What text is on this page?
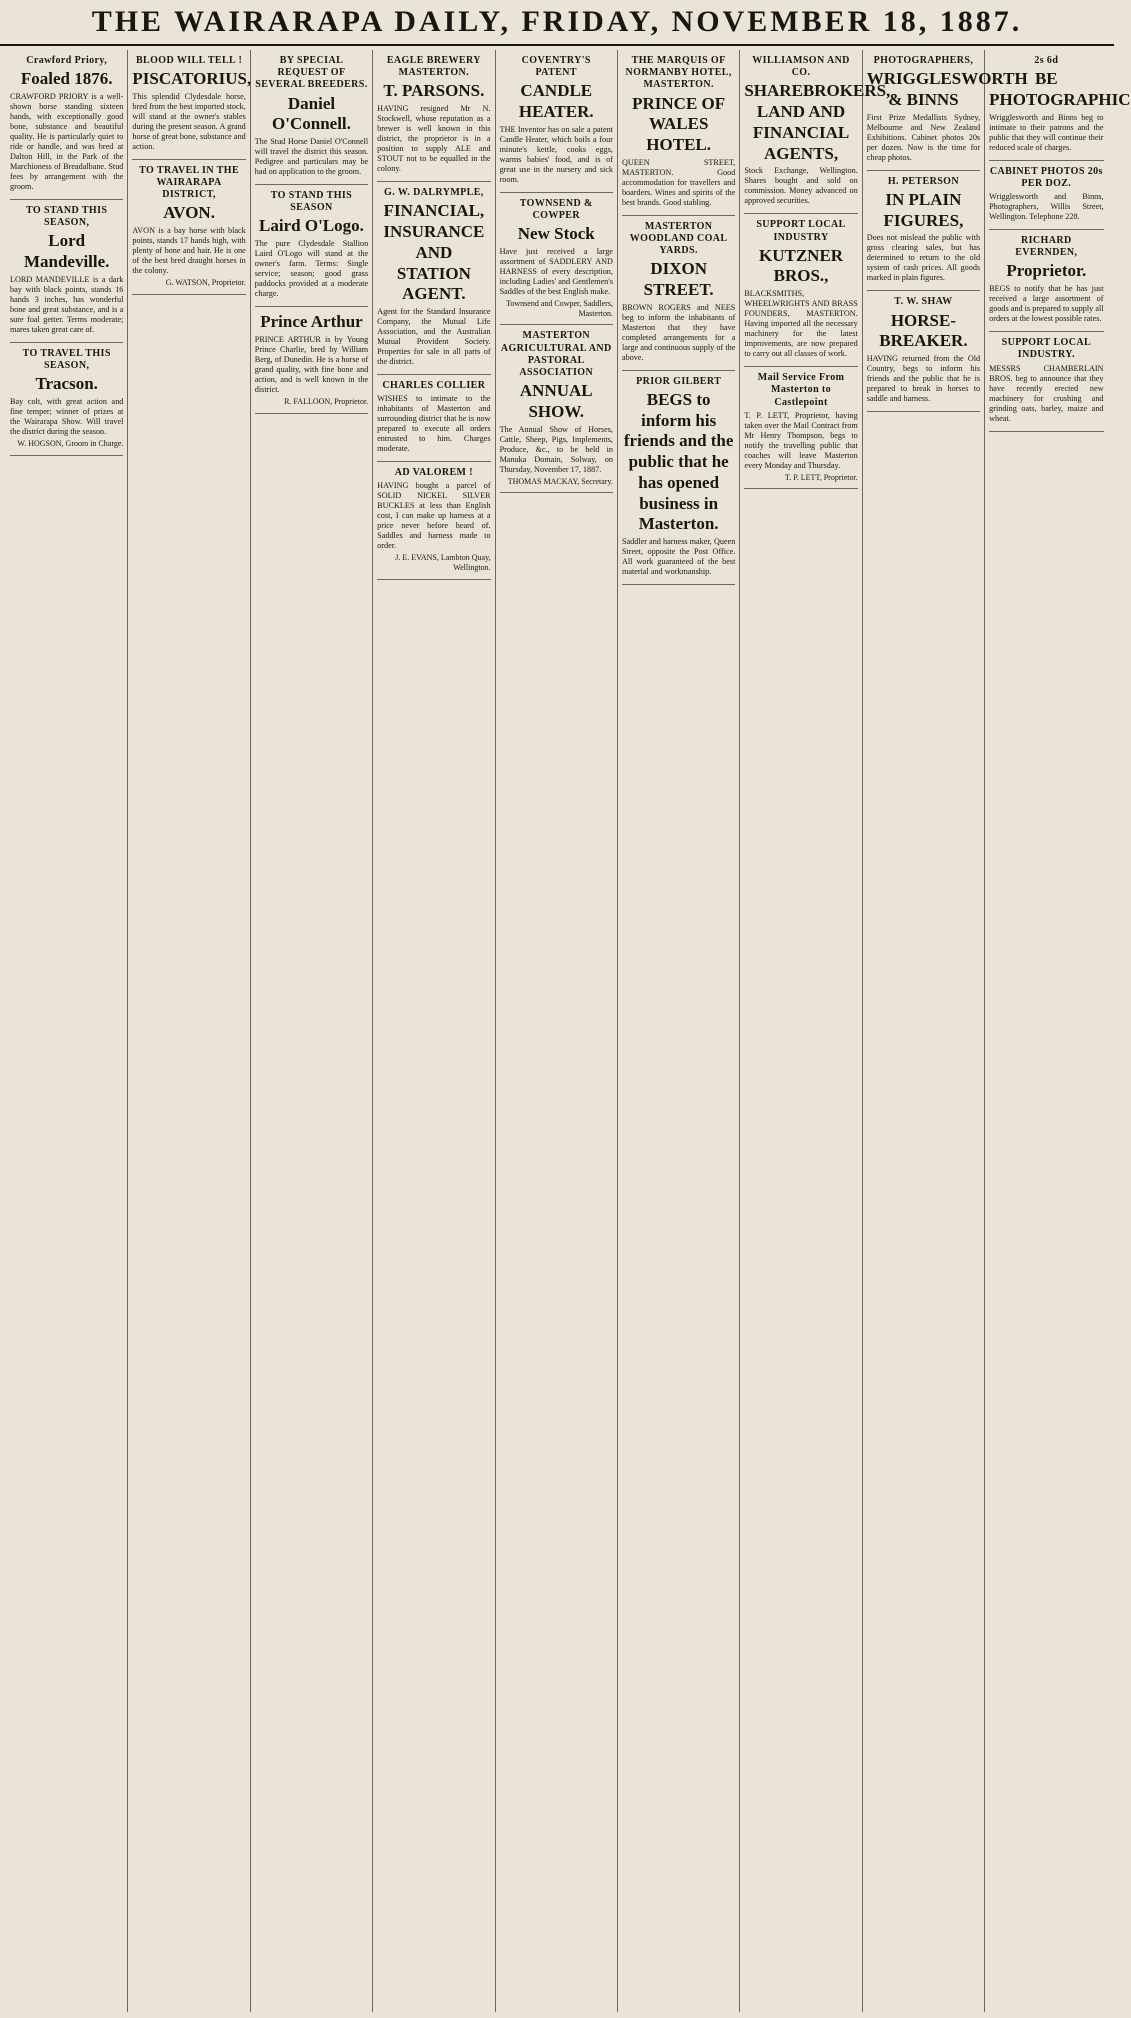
THE WAIRARAPA DAILY, FRIDAY, NOVEMBER 18, 1887.
Crawford Priory,
Foaled 1876.
CRAWFORD PRIORY is a well-shown horse standing sixteen hands, with exceptionally good bone, substance and beautiful quality. He is particularly quiet to ride or handle, and was bred at Dalton Hill, in the Park of the Marchioness of Breadalbane. Stud fees by arrangement with the groom.
TO STAND THIS SEASON,
Lord Mandeville.
LORD MANDEVILLE is a dark bay with black points, stands 16 hands 3 inches, has wonderful bone and great substance, and is a sure foal getter. Terms moderate; mares taken great care of.
TO TRAVEL THIS SEASON,
Tracson.
Bay colt, with great action and fine temper; winner of prizes at the Wairarapa Show. Will travel the district during the season.
W. HOGSON, Groom in Charge.
BLOOD WILL TELL !
PISCATORIUS,
This splendid Clydesdale horse, bred from the best imported stock, will stand at the owner's stables during the present season. A grand horse of great bone, substance and action.
TO TRAVEL IN THE WAIRARAPA DISTRICT,
AVON.
AVON is a bay horse with black points, stands 17 hands high, with plenty of bone and hair. He is one of the best bred draught horses in the colony.
G. WATSON, Proprietor.
BY SPECIAL REQUEST OF SEVERAL BREEDERS.
Daniel O'Connell.
The Stud Horse Daniel O'Connell will travel the district this season. Pedigree and particulars may be had on application to the groom.
TO STAND THIS SEASON
Laird O'Logo.
The pure Clydesdale Stallion Laird O'Logo will stand at the owner's farm. Terms: Single service; season; good grass paddocks provided at a moderate charge.
Prince Arthur
PRINCE ARTHUR is by Young Prince Charlie, bred by William Berg, of Dunedin. He is a horse of grand quality, with fine bone and action, and is well known in the district.
R. FALLOON, Proprietor.
EAGLE BREWERY MASTERTON.
T. PARSONS.
HAVING resigned Mr N. Stockwell, whose reputation as a brewer is well known in this district, the proprietor is in a position to supply ALE and STOUT not to be equalled in the colony.
G. W. DALRYMPLE,
FINANCIAL, INSURANCE AND STATION AGENT.
Agent for the Standard Insurance Company, the Mutual Life Association, and the Australian Mutual Provident Society. Properties for sale in all parts of the district.
CHARLES COLLIER
WISHES to intimate to the inhabitants of Masterton and surrounding district that he is now prepared to execute all orders entrusted to him. Charges moderate.
AD VALOREM !
HAVING bought a parcel of SOLID NICKEL SILVER BUCKLES at less than English cost, I can make up harness at a price never before heard of. Saddles and harness made to order.
J. E. EVANS, Lambton Quay, Wellington.
COVENTRY'S PATENT
CANDLE HEATER.
THE Inventor has on sale a patent Candle Heater, which boils a four minute's kettle, cooks eggs, warms babies' food, and is of great use in the nursery and sick room.
TOWNSEND & COWPER
New Stock
Have just received a large assortment of SADDLERY AND HARNESS of every description, including Ladies' and Gentlemen's Saddles of the best English make.
Townsend and Cowper, Saddlers, Masterton.
MASTERTON AGRICULTURAL AND PASTORAL ASSOCIATION
ANNUAL SHOW.
The Annual Show of Horses, Cattle, Sheep, Pigs, Implements, Produce, &c., to be held in Manuka Domain, Solway, on Thursday, November 17, 1887.
THOMAS MACKAY, Secretary.
THE MARQUIS OF NORMANBY HOTEL, MASTERTON.
PRINCE OF WALES HOTEL.
QUEEN STREET, MASTERTON. Good accommodation for travellers and boarders. Wines and spirits of the best brands. Good stabling.
MASTERTON WOODLAND COAL YARDS.
DIXON STREET.
BROWN ROGERS and NEES beg to inform the inhabitants of Masterton that they have completed arrangements for a large and continuous supply of the above.
PRIOR GILBERT
BEGS to inform his friends and the public that he has opened business in Masterton.
Saddler and harness maker, Queen Street, opposite the Post Office. All work guaranteed of the best material and workmanship.
WILLIAMSON AND CO.
SHAREBROKERS, LAND AND FINANCIAL AGENTS,
Stock Exchange, Wellington. Shares bought and sold on commission. Money advanced on approved securities.
SUPPORT LOCAL INDUSTRY
KUTZNER BROS.,
BLACKSMITHS, WHEELWRIGHTS AND BRASS FOUNDERS, MASTERTON. Having imported all the necessary machinery for the latest improvements, are now prepared to carry out all classes of work.
Mail Service From Masterton to Castlepoint
T. P. LETT, Proprietor, having taken over the Mail Contract from Mr Henry Thompson, begs to notify the travelling public that coaches will leave Masterton every Monday and Thursday.
T. P. LETT, Proprietor.
PHOTOGRAPHERS,
WRIGGLESWORTH & BINNS
First Prize Medallists Sydney, Melbourne and New Zealand Exhibitions. Cabinet photos 20s per dozen. Now is the time for cheap photos.
H. PETERSON
IN PLAIN FIGURES,
Does not mislead the public with gross clearing sales, but has determined to return to the old system of cash prices. All goods marked in plain figures.
T. W. SHAW
HORSE-BREAKER.
HAVING returned from the Old Country, begs to inform his friends and the public that he is prepared to break in horses to saddle and harness.
2s 6d
BE PHOTOGRAPHIC
Wrigglesworth and Binns beg to intimate to their patrons and the public that they will continue their reduced scale of charges.
CABINET PHOTOS 20s PER DOZ.
Wrigglesworth and Binns, Photographers, Willis Street, Wellington. Telephone 228.
RICHARD EVERNDEN,
Proprietor.
BEGS to notify that he has just received a large assortment of goods and is prepared to supply all orders at the lowest possible rates.
SUPPORT LOCAL INDUSTRY.
MESSRS CHAMBERLAIN BROS. beg to announce that they have recently erected new machinery for crushing and grinding oats, barley, maize and wheat.
